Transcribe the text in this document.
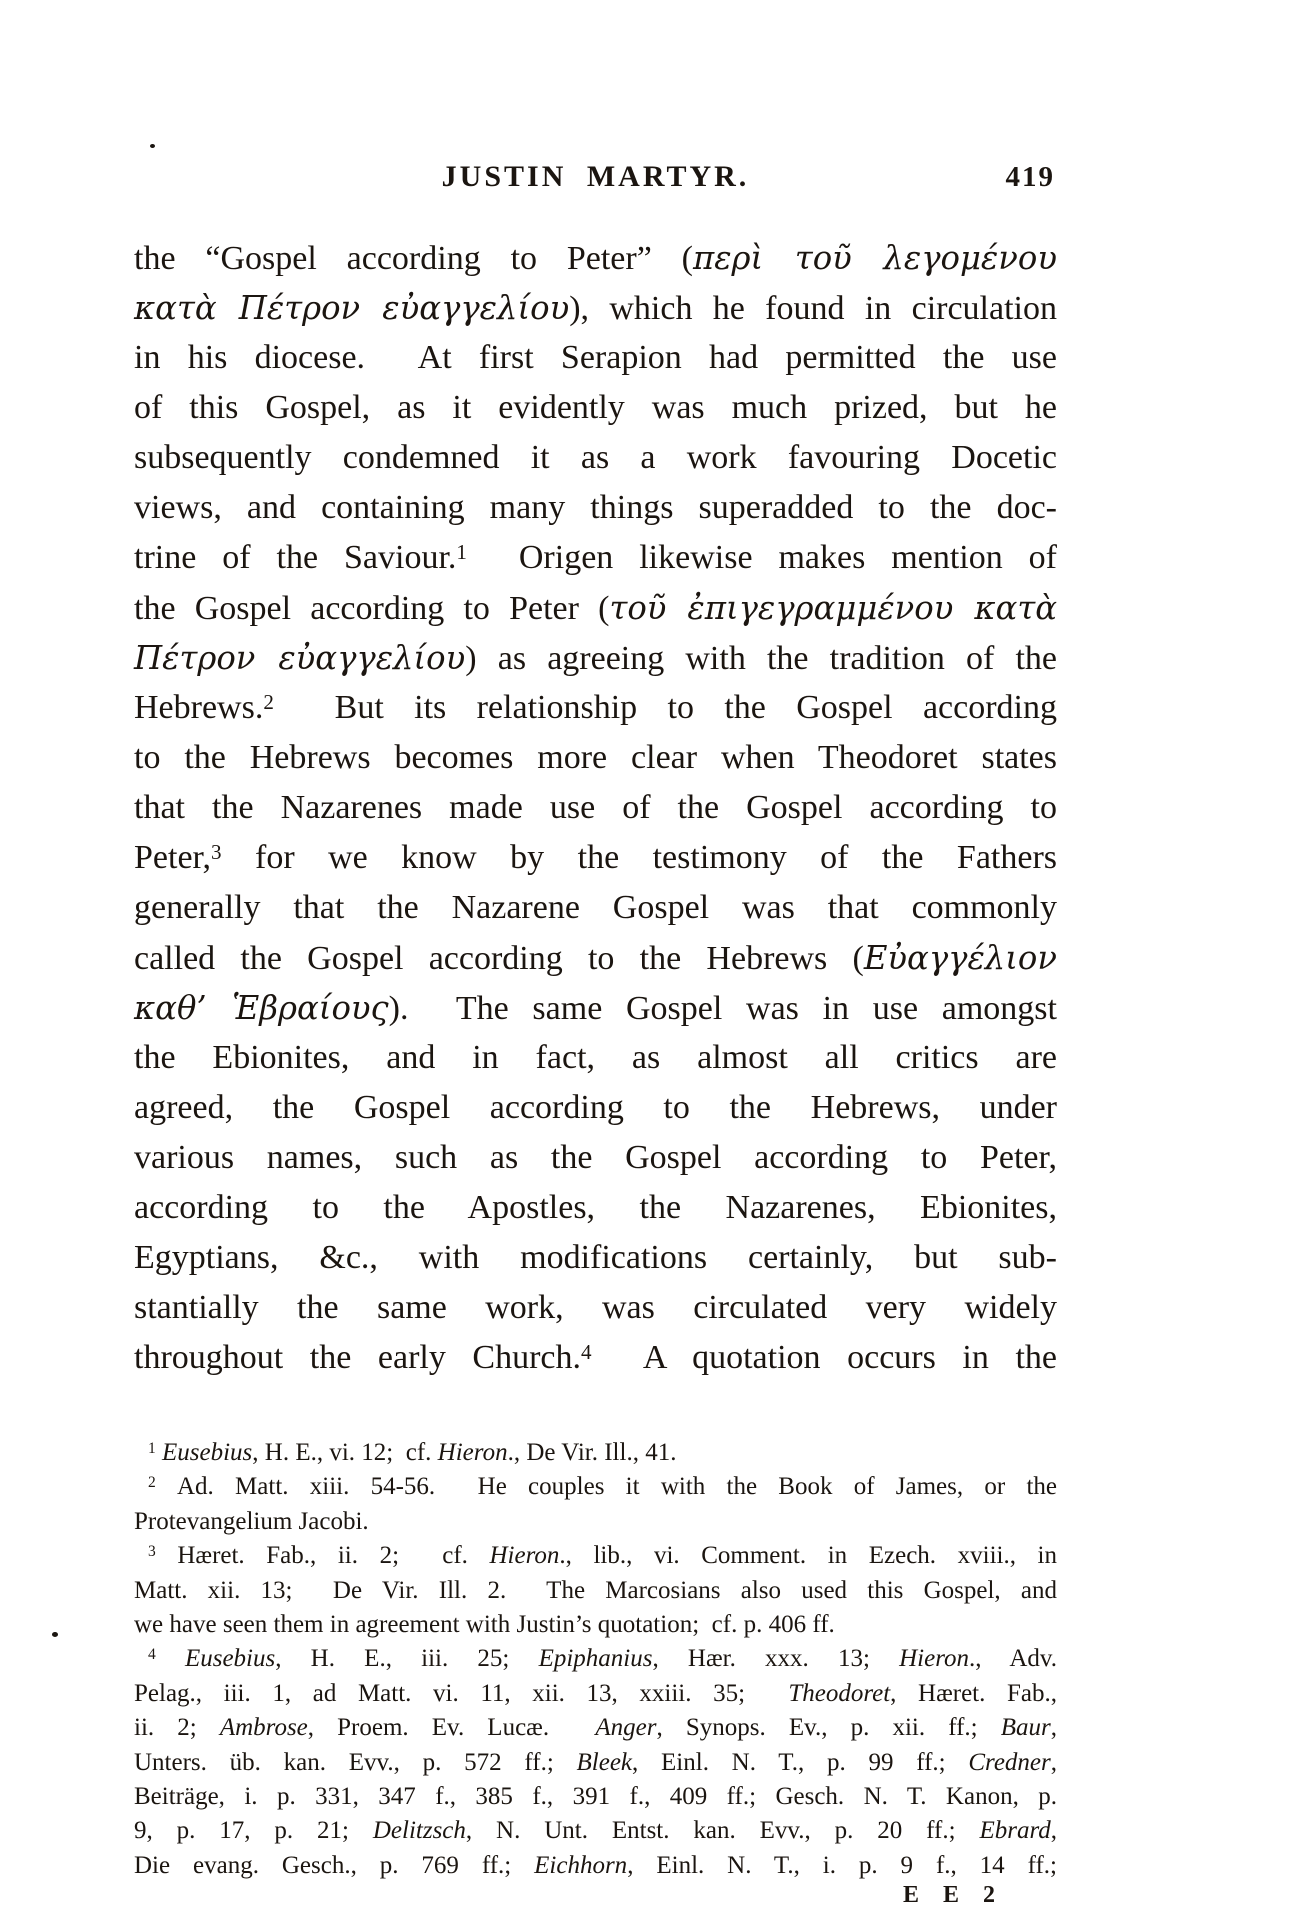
JUSTIN MARTYR.	419
the “Gospel according to Peter” (περὶ τοῦ λεγομένου
κατὰ Πέτρον εὐαγγελίου), which he found in circulation
in his diocese.  At first Serapion had permitted the use
of this Gospel, as it evidently was much prized, but he
subsequently condemned it as a work favouring Docetic
views, and containing many things superadded to the doc-
trine of the Saviour.$^1$  Origen likewise makes mention of
the Gospel according to Peter (τοῦ ἐπιγεγραμμένου κατὰ
Πέτρον εὐαγγελίου) as agreeing with the tradition of the
Hebrews.$^2$  But its relationship to the Gospel according
to the Hebrews becomes more clear when Theodoret states
that the Nazarenes made use of the Gospel according to
Peter,$^3$ for we know by the testimony of the Fathers
generally that the Nazarene Gospel was that commonly
called the Gospel according to the Hebrews (Εὐαγγέλιον
καθ’ Ἑβραίους).  The same Gospel was in use amongst
the Ebionites, and in fact, as almost all critics are
agreed, the Gospel according to the Hebrews, under
various names, such as the Gospel according to Peter,
according to the Apostles, the Nazarenes, Ebionites,
Egyptians, &c., with modifications certainly, but sub-
stantially the same work, was circulated very widely
throughout the early Church.$^4$  A quotation occurs in the
$^1$ Eusebius, H. E., vi. 12;  cf. Hieron., De Vir. Ill., 41.
$^2$ Ad. Matt. xiii. 54-56.  He couples it with the Book of James, or the
Protevangelium Jacobi.
$^3$ Hæret. Fab., ii. 2;  cf. Hieron., lib., vi. Comment. in Ezech. xviii., in
Matt. xii. 13;  De Vir. Ill. 2.  The Marcosians also used this Gospel, and
we have seen them in agreement with Justin’s quotation;  cf. p. 406 ff.
$^4$ Eusebius, H. E., iii. 25; Epiphanius, Hær. xxx. 13; Hieron., Adv.
Pelag., iii. 1, ad Matt. vi. 11, xii. 13, xxiii. 35;  Theodoret, Hæret. Fab.,
ii. 2; Ambrose, Proem. Ev. Lucæ.  Anger, Synops. Ev., p. xii. ff.; Baur,
Unters. üb. kan. Evv., p. 572 ff.; Bleek, Einl. N. T., p. 99 ff.; Credner,
Beiträge, i. p. 331, 347 f., 385 f., 391 f., 409 ff.; Gesch. N. T. Kanon, p.
9, p. 17, p. 21; Delitzsch, N. Unt. Entst. kan. Evv., p. 20 ff.; Ebrard,
Die evang. Gesch., p. 769 ff.; Eichhorn, Einl. N. T., i. p. 9 f., 14 ff.;
E E 2
